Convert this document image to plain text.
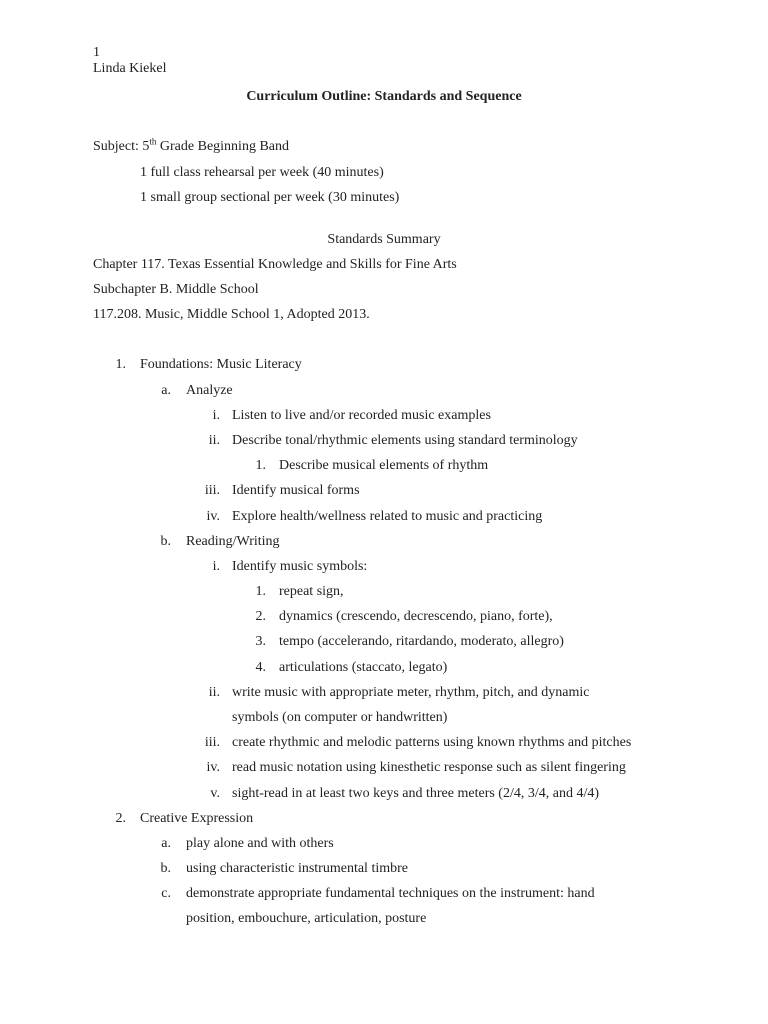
1
Linda Kiekel
Curriculum Outline: Standards and Sequence
Subject: 5th Grade Beginning Band
1 full class rehearsal per week (40 minutes)
1 small group sectional per week (30 minutes)
Standards Summary
Chapter 117. Texas Essential Knowledge and Skills for Fine Arts
Subchapter B. Middle School
117.208. Music, Middle School 1, Adopted 2013.
1. Foundations: Music Literacy
a. Analyze
i. Listen to live and/or recorded music examples
ii. Describe tonal/rhythmic elements using standard terminology
1. Describe musical elements of rhythm
iii. Identify musical forms
iv. Explore health/wellness related to music and practicing
b. Reading/Writing
i. Identify music symbols:
1. repeat sign,
2. dynamics (crescendo, decrescendo, piano, forte),
3. tempo (accelerando, ritardando, moderato, allegro)
4. articulations (staccato, legato)
ii. write music with appropriate meter, rhythm, pitch, and dynamic
symbols (on computer or handwritten)
iii. create rhythmic and melodic patterns using known rhythms and pitches
iv. read music notation using kinesthetic response such as silent fingering
v. sight-read in at least two keys and three meters (2/4, 3/4, and 4/4)
2. Creative Expression
a. play alone and with others
b. using characteristic instrumental timbre
c. demonstrate appropriate fundamental techniques on the instrument: hand
position, embouchure, articulation, posture
